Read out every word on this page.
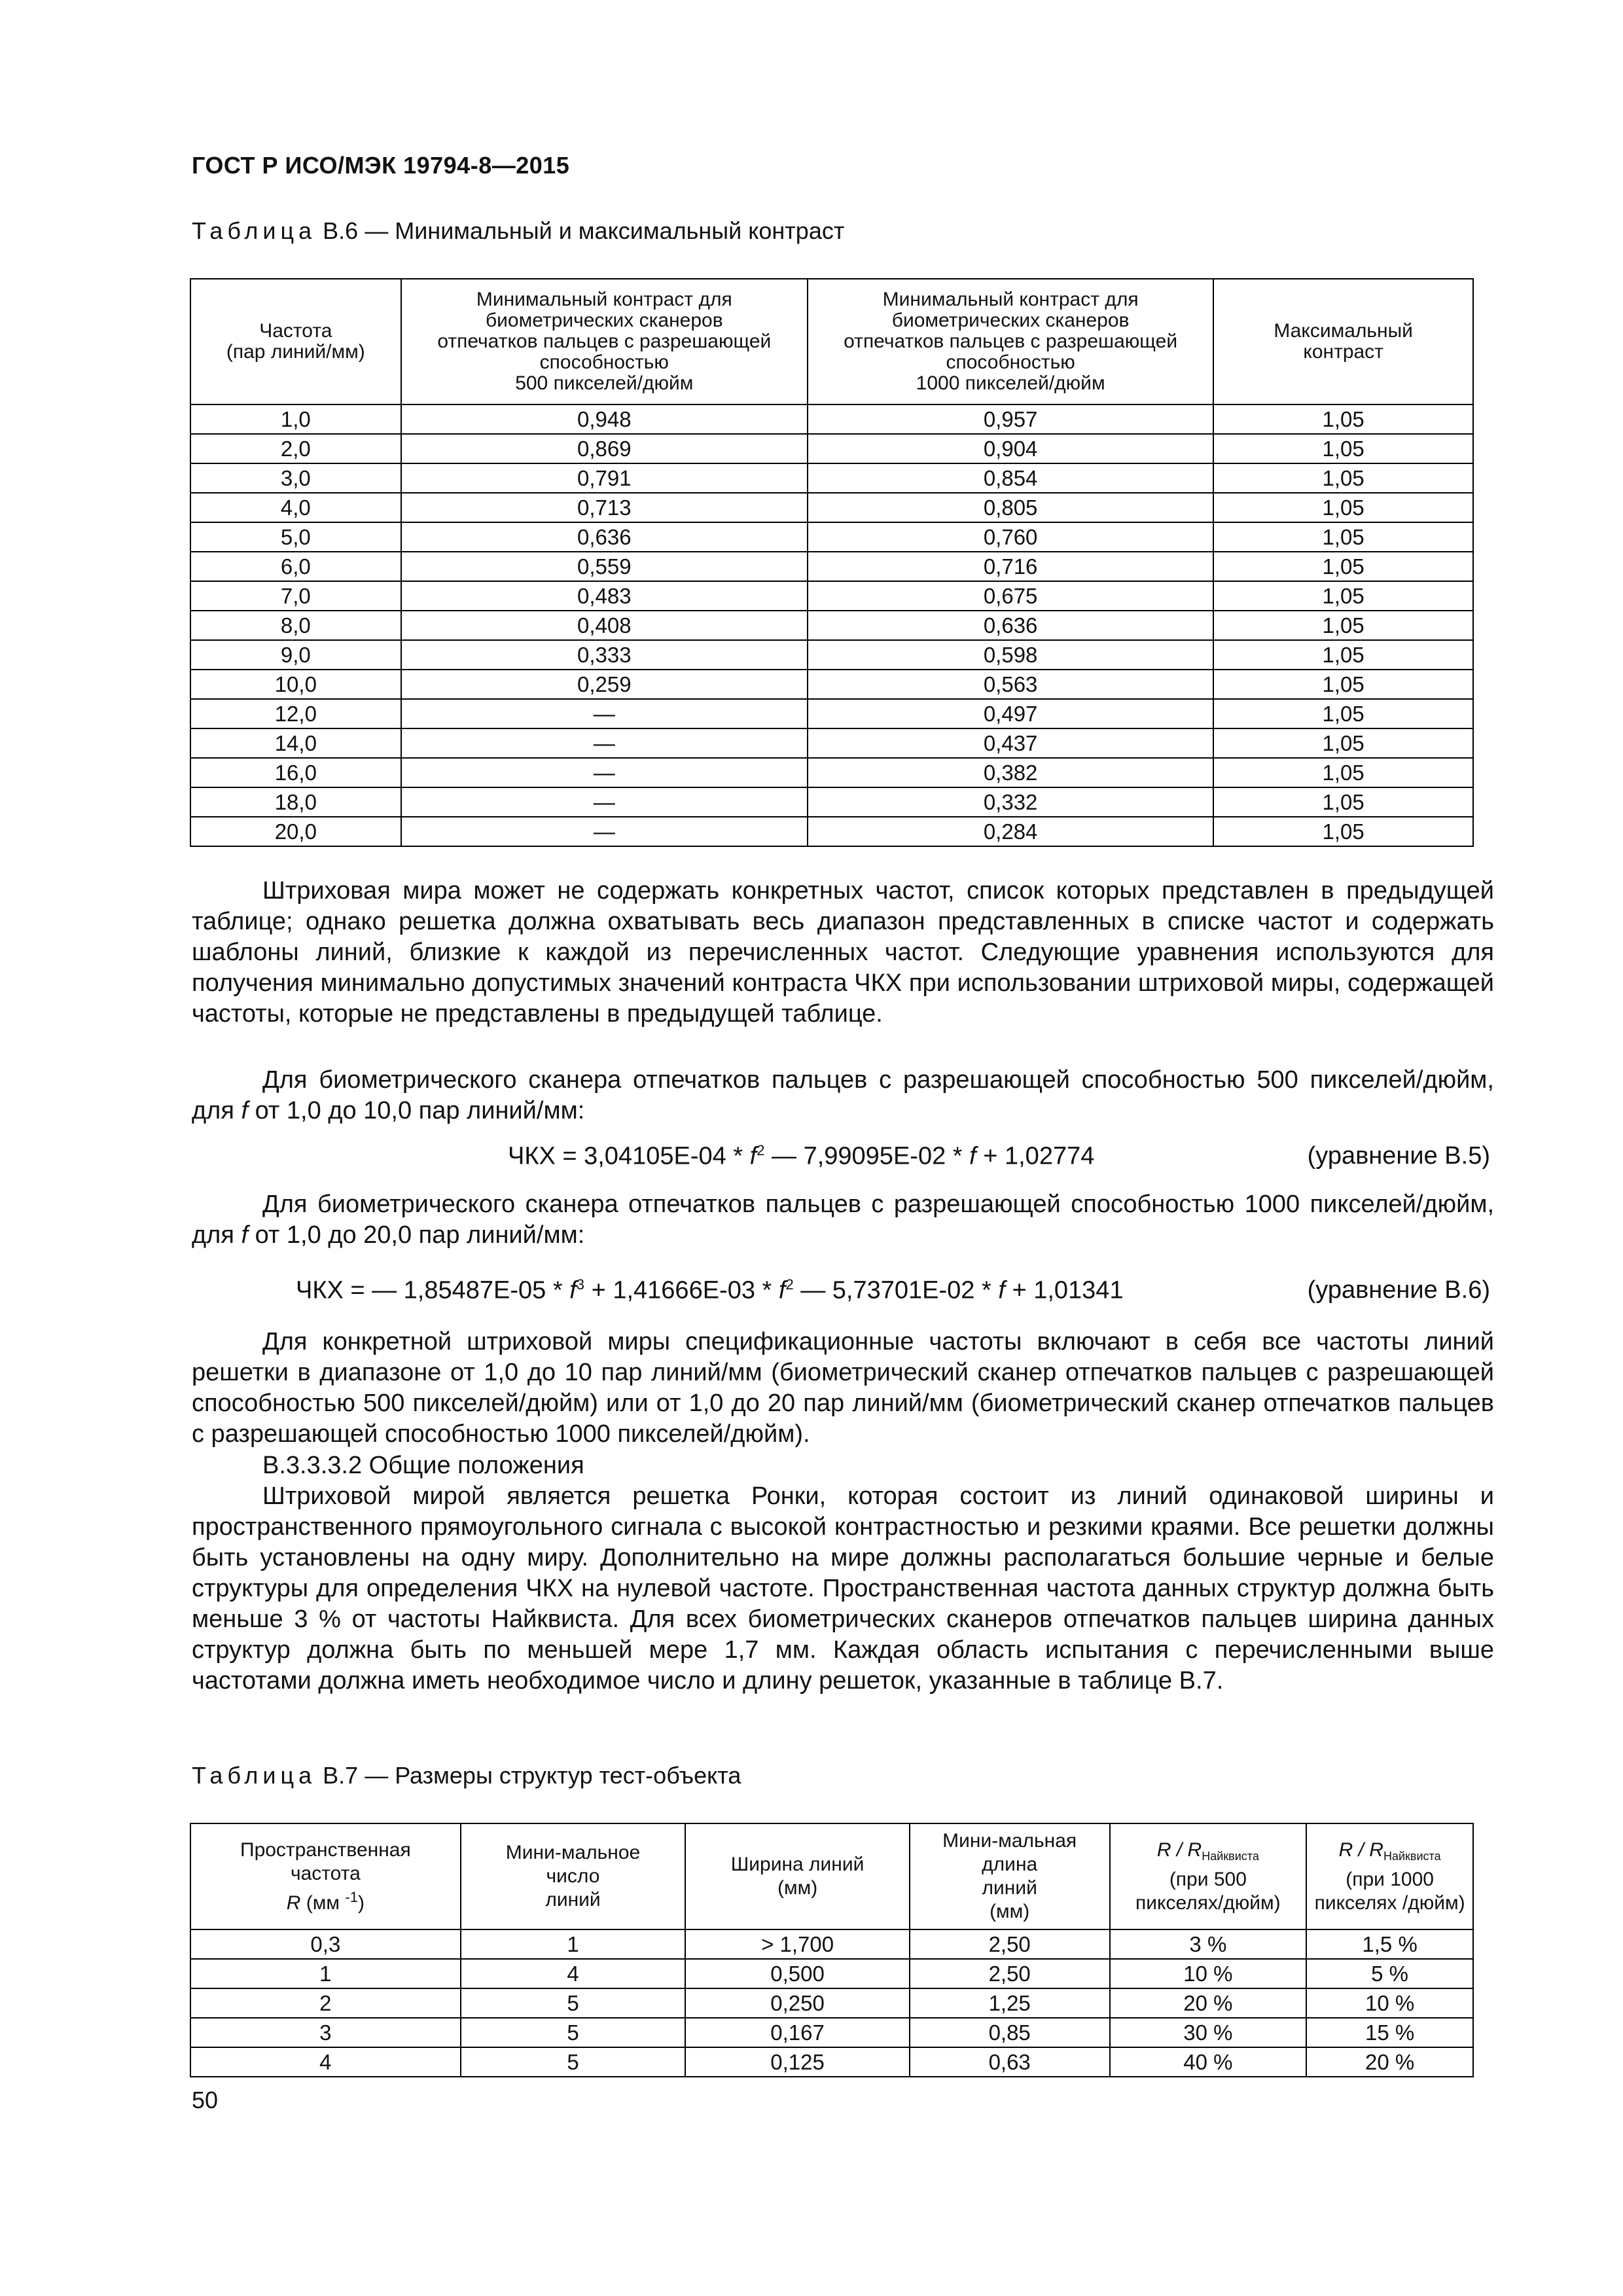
ГОСТ Р ИСО/МЭК 19794-8—2015
Таблица В.6 — Минимальный и максимальный контраст
Частота
(пар линий/мм)	Минимальный контраст для
биометрических сканеров
отпечатков пальцев с разрешающей
способностью
500 пикселей/дюйм	Минимальный контраст для
биометрических сканеров
отпечатков пальцев с разрешающей
способностью
1000 пикселей/дюйм	Максимальный
контраст
1,0	0,948	0,957	1,05
2,0	0,869	0,904	1,05
3,0	0,791	0,854	1,05
4,0	0,713	0,805	1,05
5,0	0,636	0,760	1,05
6,0	0,559	0,716	1,05
7,0	0,483	0,675	1,05
8,0	0,408	0,636	1,05
9,0	0,333	0,598	1,05
10,0	0,259	0,563	1,05
12,0	—	0,497	1,05
14,0	—	0,437	1,05
16,0	—	0,382	1,05
18,0	—	0,332	1,05
20,0	—	0,284	1,05
Штриховая мира может не содержать конкретных частот, список которых представлен в предыдущей таблице; однако решетка должна охватывать весь диапазон представленных в списке частот и содержать шаблоны линий, близкие к каждой из перечисленных частот. Следующие уравнения используются для получения минимально допустимых значений контраста ЧКХ при использовании штриховой миры, содержащей частоты, которые не представлены в предыдущей таблице.
Для биометрического сканера отпечатков пальцев с разрешающей способностью 500 пикселей/дюйм, для f от 1,0 до 10,0 пар линий/мм:
ЧКХ = $3,04105Е-04 * f^2$ — 7,99095Е-02 * f + 1,02774	(уравнение В.5)
Для биометрического сканера отпечатков пальцев с разрешающей способностью 1000 пикселей/дюйм, для f от 1,0 до 20,0 пар линий/мм:
ЧКХ = — $1,85487Е-05 * f^3 + 1,41666Е-03 * f^2$ — 5,73701Е-02 * f + 1,01341	(уравнение В.6)
Для конкретной штриховой миры спецификационные частоты включают в себя все частоты линий решетки в диапазоне от 1,0 до 10 пар линий/мм (биометрический сканер отпечатков пальцев с разрешающей способностью 500 пикселей/дюйм) или от 1,0 до 20 пар линий/мм (биометрический сканер отпечатков пальцев с разрешающей способностью 1000 пикселей/дюйм).
В.3.3.3.2 Общие положения
Штриховой мирой является решетка Ронки, которая состоит из линий одинаковой ширины и пространственного прямоугольного сигнала с высокой контрастностью и резкими краями. Все решетки должны быть установлены на одну миру. Дополнительно на мире должны располагаться большие черные и белые структуры для определения ЧКХ на нулевой частоте. Пространственная частота данных структур должна быть меньше 3 % от частоты Найквиста. Для всех биометрических сканеров отпечатков пальцев ширина данных структур должна быть по меньшей мере 1,7 мм. Каждая область испытания с перечисленными выше частотами должна иметь необходимое число и длину решеток, указанные в таблице В.7.
Таблица В.7 — Размеры структур тест-объекта
Пространственная
частота
R (мм $^{-1}$)	Мини-мальное
число
линий	Ширина линий
(мм)	Мини-мальная
длина
линий
(мм)	R / $R_{Найквиста}$
(при 500
пикселях/дюйм)	R / $R_{Найквиста}$
(при 1000
пикселях /дюйм)
0,3	1	> 1,700	2,50	3 %	1,5 %
1	4	0,500	2,50	10 %	5 %
2	5	0,250	1,25	20 %	10 %
3	5	0,167	0,85	30 %	15 %
4	5	0,125	0,63	40 %	20 %
50
